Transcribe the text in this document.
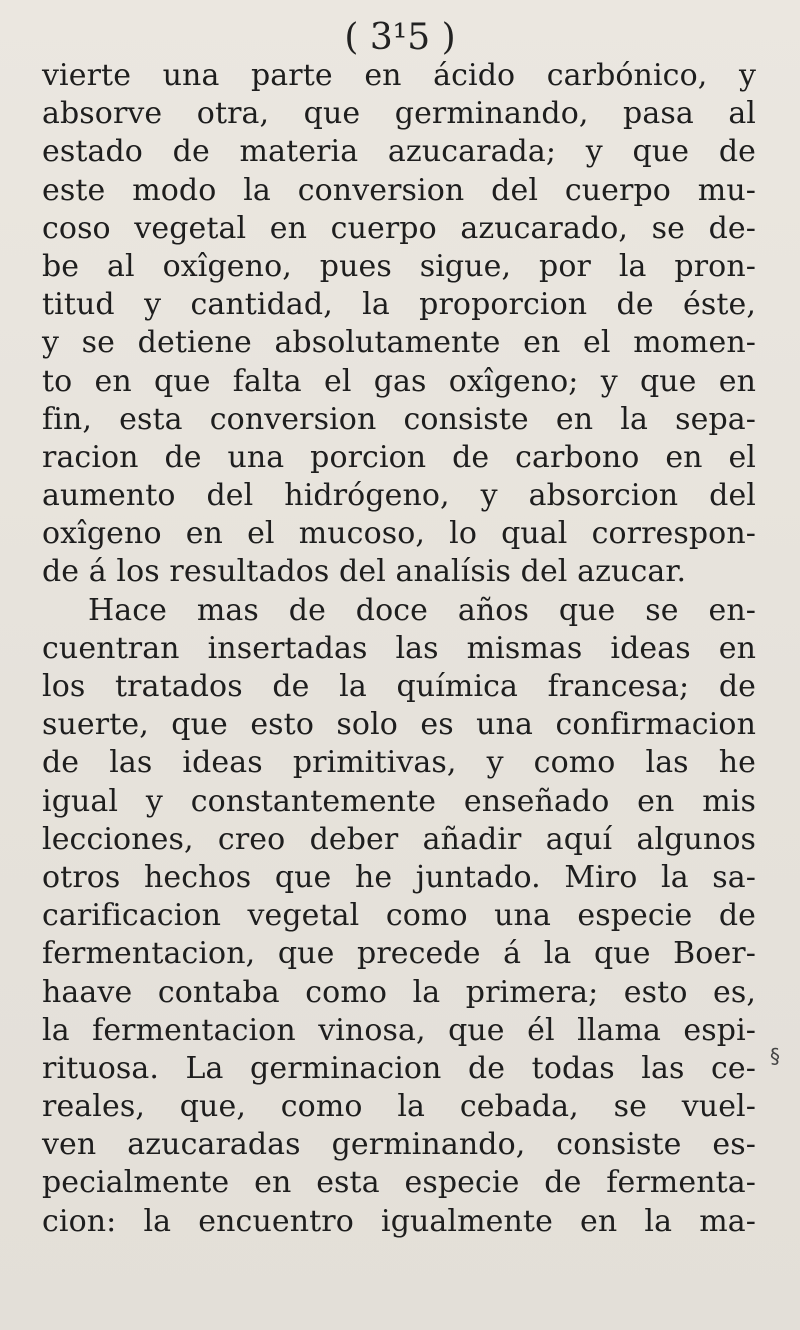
( 3¹5 )
vierte una parte en ácido carbónico, y
absorve otra, que germinando, pasa al
estado de materia azucarada; y que de
este modo la conversion del cuerpo mu-
coso vegetal en cuerpo azucarado, se de-
be al oxîgeno, pues sigue, por la pron-
titud y cantidad, la proporcion de éste,
y se detiene absolutamente en el momen-
to en que falta el gas oxîgeno; y que en
fin, esta conversion consiste en la sepa-
racion de una porcion de carbono en el
aumento del hidrógeno, y absorcion del
oxîgeno en el mucoso, lo qual correspon-
de á los resultados del analísis del azucar.
Hace mas de doce años que se en-
cuentran insertadas las mismas ideas en
los tratados de la química francesa; de
suerte, que esto solo es una confirmacion
de las ideas primitivas, y como las he
igual y constantemente enseñado en mis
lecciones, creo deber añadir aquí algunos
otros hechos que he juntado. Miro la sa-
carificacion vegetal como una especie de
fermentacion, que precede á la que Boer-
haave contaba como la primera; esto es,
la fermentacion vinosa, que él llama espi-
rituosa. La germinacion de todas las ce-
reales, que, como la cebada, se vuel-
ven azucaradas germinando, consiste es-
pecialmente en esta especie de fermenta-
cion: la encuentro igualmente en la ma-
§
